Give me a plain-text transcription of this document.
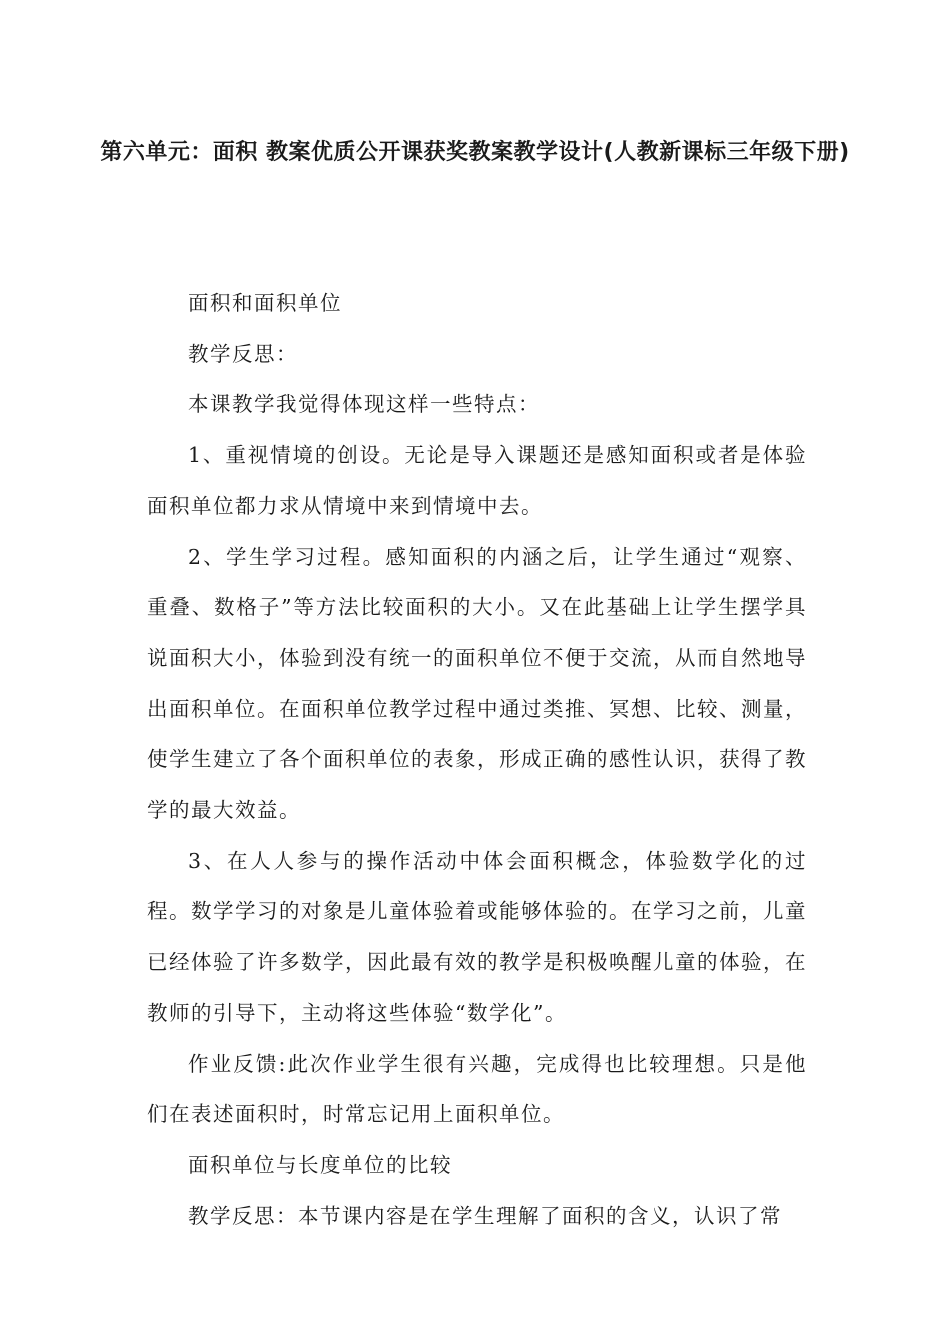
第六单元：面积 教案优质公开课获奖教案教学设计(人教新课标三年级下册)

面积和面积单位

教学反思：

本课教学我觉得体现这样一些特点：

1、重视情境的创设。无论是导入课题还是感知面积或者是体验面积单位都力求从情境中来到情境中去。

2、学生学习过程。感知面积的内涵之后，让学生通过“观察、重叠、数格子”等方法比较面积的大小。又在此基础上让学生摆学具说面积大小，体验到没有统一的面积单位不便于交流，从而自然地导出面积单位。在面积单位教学过程中通过类推、冥想、比较、测量，使学生建立了各个面积单位的表象，形成正确的感性认识，获得了教学的最大效益。

3、在人人参与的操作活动中体会面积概念，体验数学化的过程。数学学习的对象是儿童体验着或能够体验的。在学习之前，儿童已经体验了许多数学，因此最有效的教学是积极唤醒儿童的体验，在教师的引导下，主动将这些体验“数学化”。

作业反馈:此次作业学生很有兴趣，完成得也比较理想。只是他们在表述面积时，时常忘记用上面积单位。

面积单位与长度单位的比较

教学反思：本节课内容是在学生理解了面积的含义，认识了常
